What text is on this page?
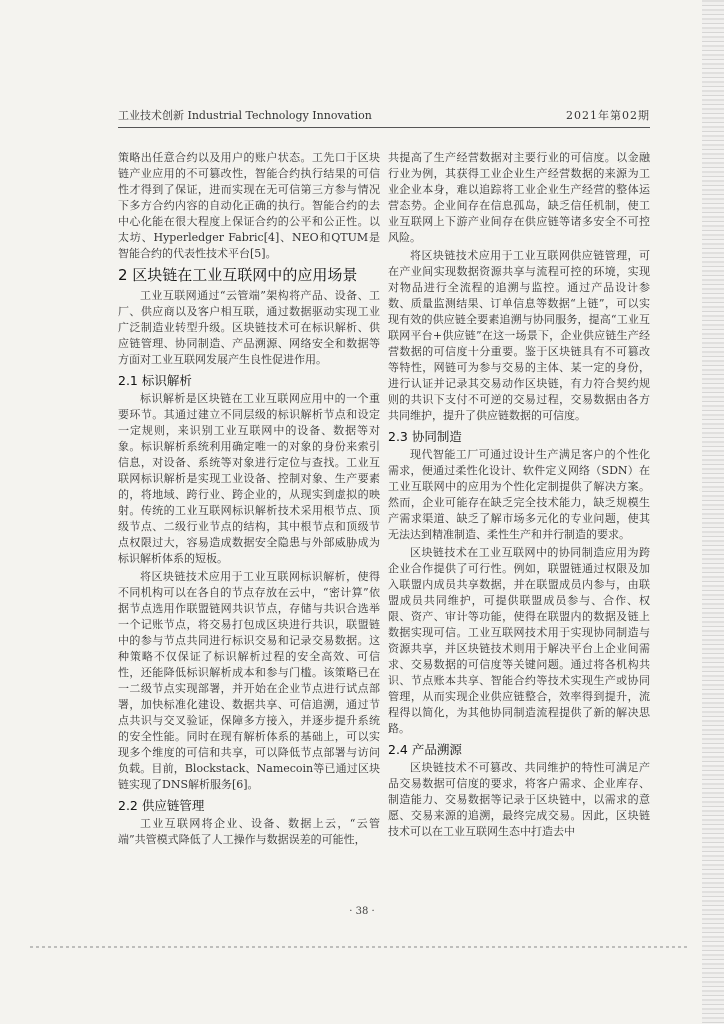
工业技术创新 Industrial Technology Innovation	2021年第02期

策略出任意合约以及用户的账户状态。工先口于区块链产业应用的不可篡改性，智能合约执行结果的可信性才得到了保证，进而实现在无可信第三方参与情况下多方合约内容的自动化正确的执行。智能合约的去中心化能在很大程度上保证合约的公平和公正性。以太坊、Hyperledger Fabric[4]、NEO和QTUM是智能合约的代表性技术平台[5]。

2 区块链在工业互联网中的应用场景

工业互联网通过“云管端”架构将产品、设备、工厂、供应商以及客户相互联，通过数据驱动实现工业广泛制造业转型升级。区块链技术可在标识解析、供应链管理、协同制造、产品溯源、网络安全和数据等方面对工业互联网发展产生良性促进作用。

2.1 标识解析

标识解析是区块链在工业互联网应用中的一个重要环节。其通过建立不同层级的标识解析节点和设定一定规则，来识别工业互联网中的设备、数据等对象。标识解析系统利用确定唯一的对象的身份来索引信息，对设备、系统等对象进行定位与查找。工业互联网标识解析是实现工业设备、控制对象、生产要素的，将地域、跨行业、跨企业的，从现实到虚拟的映射。传统的工业互联网标识解析技术采用根节点、顶级节点、二级行业节点的结构，其中根节点和顶级节点权限过大，容易造成数据安全隐患与外部威胁成为标识解析体系的短板。

将区块链技术应用于工业互联网标识解析，使得不同机构可以在各自的节点存放在云中，“密计算”依据节点选用作联盟链网共识节点，存储与共识合选举一个记账节点，将交易打包成区块进行共识，联盟链中的参与节点共同进行标识交易和记录交易数据。这种策略不仅保证了标识解析过程的安全高效、可信性，还能降低标识解析成本和参与门槛。该策略已在一二级节点实现部署，并开始在企业节点进行试点部署，加快标准化建设、数据共享、可信追溯，通过节点共识与交叉验证，保障多方接入，并逐步提升系统的安全性能。同时在现有解析体系的基础上，可以实现多个维度的可信和共享，可以降低节点部署与访问负载。目前，Blockstack、Namecoin等已通过区块链实现了DNS解析服务[6]。

2.2 供应链管理

工业互联网将企业、设备、数据上云，“云管端”共管模式降低了人工操作与数据误差的可能性，

共提高了生产经营数据对主要行业的可信度。以金融行业为例，其获得工业企业生产经营数据的来源为工业企业本身，难以追踪将工业企业生产经营的整体运营态势。企业间存在信息孤岛，缺乏信任机制，使工业互联网上下游产业间存在供应链等诸多安全不可控风险。

将区块链技术应用于工业互联网供应链管理，可在产业间实现数据资源共享与流程可控的环境，实现对物品进行全流程的追溯与监控。通过产品设计参数、质量监测结果、订单信息等数据“上链”，可以实现有效的供应链全要素追溯与协同服务，提高“工业互联网平台+供应链”在这一场景下，企业供应链生产经营数据的可信度十分重要。鉴于区块链具有不可篡改等特性，网链可为参与交易的主体、某一定的身份，进行认证并记录其交易动作区块链，有力符合契约规则的共识下支付不可逆的交易过程，交易数据由各方共同维护，提升了供应链数据的可信度。

2.3 协同制造

现代智能工厂可通过设计生产满足客户的个性化需求，便通过柔性化设计、软件定义网络（SDN）在工业互联网中的应用为个性化定制提供了解决方案。然而，企业可能存在缺乏完全技术能力，缺乏规模生产需求渠道、缺乏了解市场多元化的专业问题，使其无法达到精准制造、柔性生产和并行制造的要求。

区块链技术在工业互联网中的协同制造应用为跨企业合作提供了可行性。例如，联盟链通过权限及加入联盟内成员共享数据，并在联盟成员内参与，由联盟成员共同维护，可提供联盟成员参与、合作、权限、资产、审计等功能，使得在联盟内的数据及链上数据实现可信。工业互联网技术用于实现协同制造与资源共享，并区块链技术则用于解决平台上企业间需求、交易数据的可信度等关键问题。通过将各机构共识、节点账本共享、智能合约等技术实现生产或协同管理，从而实现企业供应链整合，效率得到提升，流程得以简化，为其他协同制造流程提供了新的解决思路。

2.4 产品溯源

区块链技术不可篡改、共同维护的特性可满足产品交易数据可信度的要求，将客户需求、企业库存、制造能力、交易数据等记录于区块链中，以需求的意愿、交易来源的追溯，最终完成交易。因此，区块链技术可以在工业互联网生态中打造去中

· 38 ·
